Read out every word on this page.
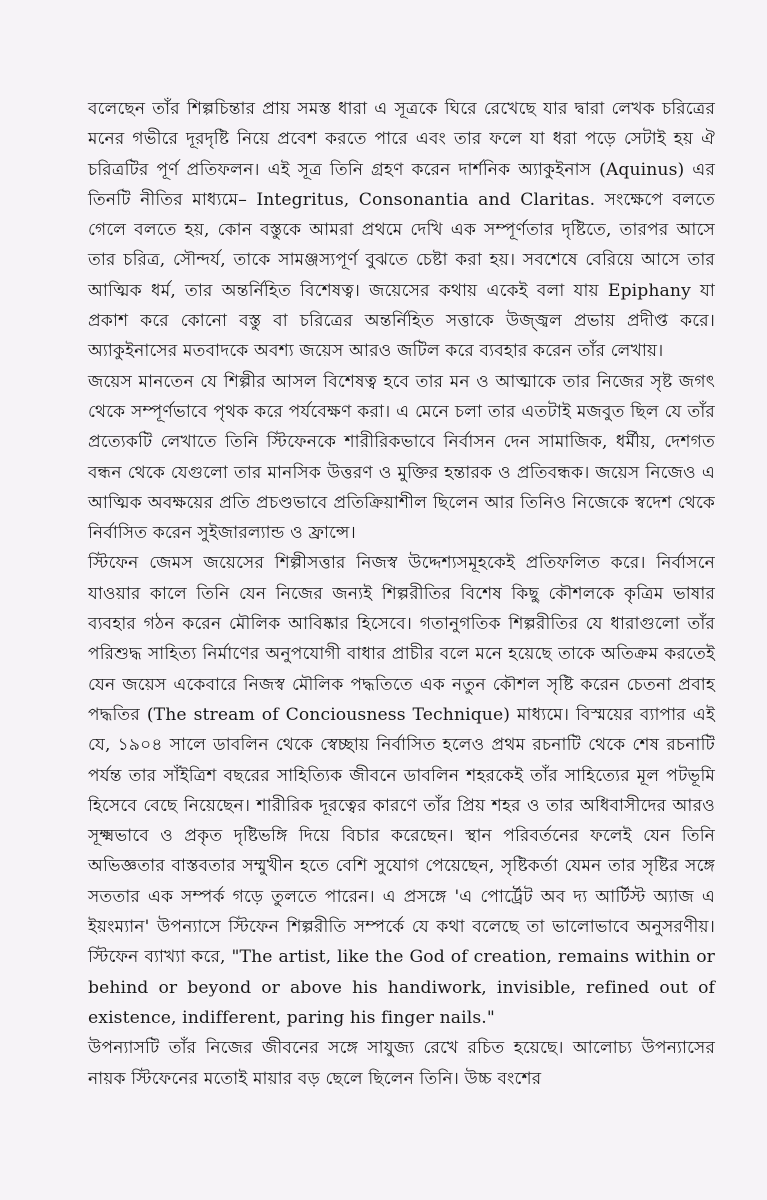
বলেছেন তাঁর শিল্পচিন্তার প্রায় সমস্ত ধারা এ সূত্রকে ঘিরে রেখেছে যার দ্বারা লেখক চরিত্রের মনের গভীরে দূরদৃষ্টি নিয়ে প্রবেশ করতে পারে এবং তার ফলে যা ধরা পড়ে সেটাই হয় ঐ চরিত্রটির পূর্ণ প্রতিফলন। এই সূত্র তিনি গ্রহণ করেন দার্শনিক অ্যাকুইনাস (Aquinus) এর তিনটি নীতির মাধ্যমে– Integritus, Consonantia and Claritas. সংক্ষেপে বলতে গেলে বলতে হয়, কোন বস্তুকে আমরা প্রথমে দেখি এক সম্পূর্ণতার দৃষ্টিতে, তারপর আসে তার চরিত্র, সৌন্দর্য, তাকে সামঞ্জস্যপূর্ণ বুঝতে চেষ্টা করা হয়। সবশেষে বেরিয়ে আসে তার আত্মিক ধর্ম, তার অন্তর্নিহিত বিশেষত্ব। জয়েসের কথায় একেই বলা যায় Epiphany যা প্রকাশ করে কোনো বস্তু বা চরিত্রের অন্তর্নিহিত সত্তাকে উজ্জ্বল প্রভায় প্রদীপ্ত করে। অ্যাকুইনাসের মতবাদকে অবশ্য জয়েস আরও জটিল করে ব্যবহার করেন তাঁর লেখায়।

জয়েস মানতেন যে শিল্পীর আসল বিশেষত্ব হবে তার মন ও আত্মাকে তার নিজের সৃষ্ট জগৎ থেকে সম্পূর্ণভাবে পৃথক করে পর্যবেক্ষণ করা। এ মেনে চলা তার এতটাই মজবুত ছিল যে তাঁর প্রত্যেকটি লেখাতে তিনি স্টিফেনকে শারীরিকভাবে নির্বাসন দেন সামাজিক, ধর্মীয়, দেশগত বন্ধন থেকে যেগুলো তার মানসিক উত্তরণ ও মুক্তির হন্তারক ও প্রতিবন্ধক। জয়েস নিজেও এ আত্মিক অবক্ষয়ের প্রতি প্রচণ্ডভাবে প্রতিক্রিয়াশীল ছিলেন আর তিনিও নিজেকে স্বদেশ থেকে নির্বাসিত করেন সুইজারল্যান্ড ও ফ্রান্সে।

স্টিফেন জেমস জয়েসের শিল্পীসত্তার নিজস্ব উদ্দেশ্যসমূহকেই প্রতিফলিত করে। নির্বাসনে যাওয়ার কালে তিনি যেন নিজের জন্যই শিল্পরীতির বিশেষ কিছু কৌশলকে কৃত্রিম ভাষার ব্যবহার গঠন করেন মৌলিক আবিষ্কার হিসেবে। গতানুগতিক শিল্পরীতির যে ধারাগুলো তাঁর পরিশুদ্ধ সাহিত্য নির্মাণের অনুপযোগী বাধার প্রাচীর বলে মনে হয়েছে তাকে অতিক্রম করতেই যেন জয়েস একেবারে নিজস্ব মৌলিক পদ্ধতিতে এক নতুন কৌশল সৃষ্টি করেন চেতনা প্রবাহ পদ্ধতির (The stream of Conciousness Technique) মাধ্যমে। বিস্ময়ের ব্যাপার এই যে, ১৯০৪ সালে ডাবলিন থেকে স্বেচ্ছায় নির্বাসিত হলেও প্রথম রচনাটি থেকে শেষ রচনাটি পর্যন্ত তার সাঁইত্রিশ বছরের সাহিত্যিক জীবনে ডাবলিন শহরকেই তাঁর সাহিত্যের মূল পটভূমি হিসেবে বেছে নিয়েছেন। শারীরিক দূরত্বের কারণে তাঁর প্রিয় শহর ও তার অধিবাসীদের আরও সূক্ষ্মভাবে ও প্রকৃত দৃষ্টিভঙ্গি দিয়ে বিচার করেছেন। স্থান পরিবর্তনের ফলেই যেন তিনি অভিজ্ঞতার বাস্তবতার সম্মুখীন হতে বেশি সুযোগ পেয়েছেন, সৃষ্টিকর্তা যেমন তার সৃষ্টির সঙ্গে সততার এক সম্পর্ক গড়ে তুলতে পারেন। এ প্রসঙ্গে 'এ পোর্ট্রেট অব দ্য আর্টিস্ট অ্যাজ এ ইয়ংম্যান' উপন্যাসে স্টিফেন শিল্পরীতি সম্পর্কে যে কথা বলেছে তা ভালোভাবে অনুসরণীয়। স্টিফেন ব্যাখ্যা করে, "The artist, like the God of creation, remains within or behind or beyond or above his handiwork, invisible, refined out of existence, indifferent, paring his finger nails."

উপন্যাসটি তাঁর নিজের জীবনের সঙ্গে সাযুজ্য রেখে রচিত হয়েছে। আলোচ্য উপন্যাসের নায়ক স্টিফেনের মতোই মায়ার বড় ছেলে ছিলেন তিনি। উচ্চ বংশের
